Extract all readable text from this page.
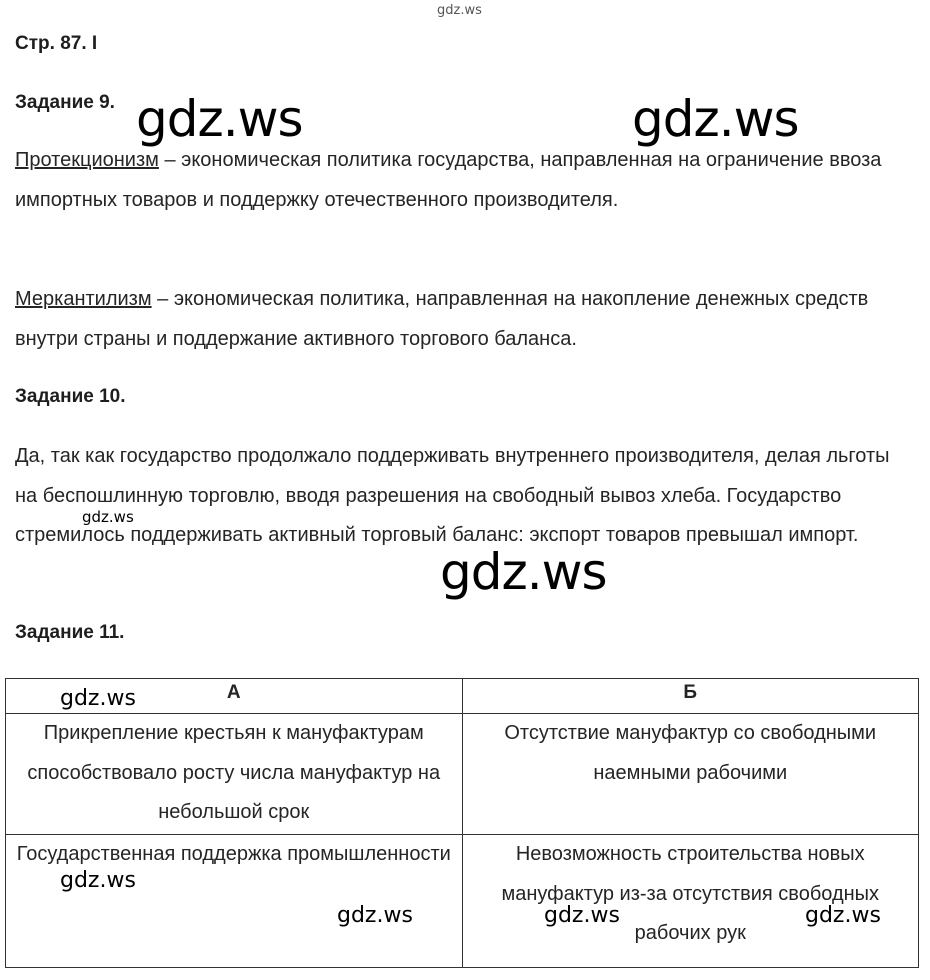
gdz.ws
Стр. 87. I
Задание 9.
Протекционизм – экономическая политика государства, направленная на ограничение ввоза импортных товаров и поддержку отечественного производителя.
Меркантилизм – экономическая политика, направленная на накопление денежных средств внутри страны и поддержание активного торгового баланса.
Задание 10.
Да, так как государство продолжало поддерживать внутреннего производителя, делая льготы на беспошлинную торговлю, вводя разрешения на свободный вывоз хлеба. Государство стремилось поддерживать активный торговый баланс: экспорт товаров превышал импорт.
Задание 11.
А	Б
Прикрепление крестьян к мануфактурам способствовало росту числа мануфактур на небольшой срок	Отсутствие мануфактур со свободными наемными рабочими
Государственная поддержка промышленности	Невозможность строительства новых мануфактур из-за отсутствия свободных рабочих рук
gdz.ws	gdz.ws
gdz.ws
gdz.ws
gdz.ws
gdz.ws
gdz.ws	gdz.ws	gdz.ws
